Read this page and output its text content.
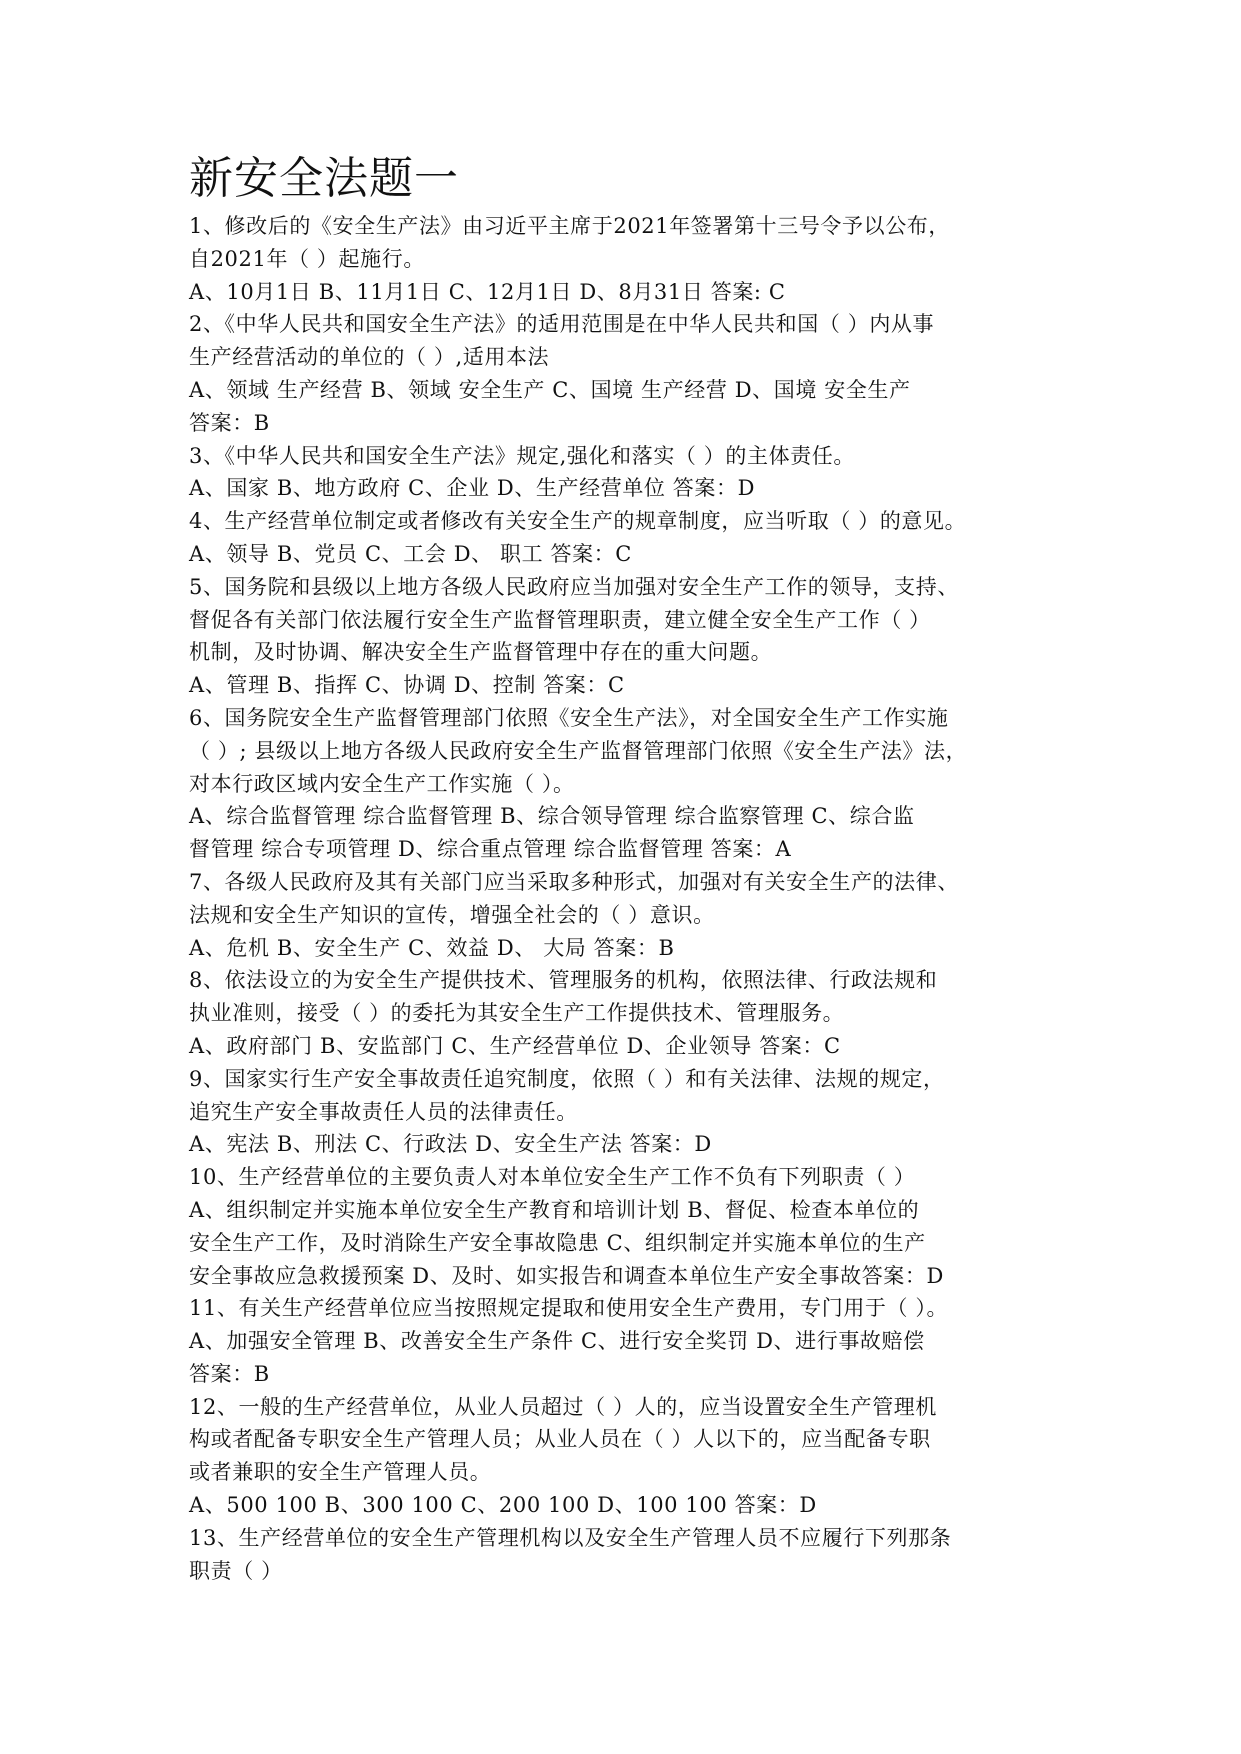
新安全法题一
1、修改后的《安全生产法》由习近平主席于2021年签署第十三号令予以公布，
自2021年（ ）起施行。
A、10月1日 B、11月1日 C、12月1日 D、8月31日 答案: C
2、《中华人民共和国安全生产法》的适用范围是在中华人民共和国（ ）内从事
生产经营活动的单位的（ ）,适用本法
A、领域 生产经营 B、领域 安全生产 C、国境 生产经营 D、国境 安全生产
答案：B
3、《中华人民共和国安全生产法》规定,强化和落实（ ）的主体责任。
A、国家 B、地方政府 C、企业 D、生产经营单位 答案：D
4、生产经营单位制定或者修改有关安全生产的规章制度，应当听取（ ）的意见。
A、领导 B、党员 C、工会 D、 职工 答案：C
5、国务院和县级以上地方各级人民政府应当加强对安全生产工作的领导，支持、
督促各有关部门依法履行安全生产监督管理职责，建立健全安全生产工作（ ）
机制，及时协调、解决安全生产监督管理中存在的重大问题。
A、管理 B、指挥 C、协调 D、控制 答案：C
6、国务院安全生产监督管理部门依照《安全生产法》，对全国安全生产工作实施
（ ）; 县级以上地方各级人民政府安全生产监督管理部门依照《安全生产法》法，
对本行政区域内安全生产工作实施（ ）。
A、综合监督管理 综合监督管理 B、综合领导管理 综合监察管理 C、综合监
督管理 综合专项管理 D、综合重点管理 综合监督管理 答案：A
7、各级人民政府及其有关部门应当采取多种形式，加强对有关安全生产的法律、
法规和安全生产知识的宣传，增强全社会的（ ）意识。
A、危机 B、安全生产 C、效益 D、 大局 答案：B
8、依法设立的为安全生产提供技术、管理服务的机构，依照法律、行政法规和
执业准则，接受（ ）的委托为其安全生产工作提供技术、管理服务。
A、政府部门 B、安监部门 C、生产经营单位 D、企业领导 答案：C
9、国家实行生产安全事故责任追究制度，依照（ ）和有关法律、法规的规定，
追究生产安全事故责任人员的法律责任。
A、宪法 B、刑法 C、行政法 D、安全生产法 答案：D
10、生产经营单位的主要负责人对本单位安全生产工作不负有下列职责（ ）
A、组织制定并实施本单位安全生产教育和培训计划 B、督促、检查本单位的
安全生产工作，及时消除生产安全事故隐患 C、组织制定并实施本单位的生产
安全事故应急救援预案 D、及时、如实报告和调查本单位生产安全事故答案：D
11、有关生产经营单位应当按照规定提取和使用安全生产费用，专门用于（ ）。
A、加强安全管理 B、改善安全生产条件 C、进行安全奖罚 D、进行事故赔偿
答案：B
12、一般的生产经营单位，从业人员超过（ ）人的，应当设置安全生产管理机
构或者配备专职安全生产管理人员；从业人员在（ ）人以下的，应当配备专职
或者兼职的安全生产管理人员。
A、500 100 B、300 100 C、200 100 D、100 100 答案：D
13、生产经营单位的安全生产管理机构以及安全生产管理人员不应履行下列那条
职责（ ）
